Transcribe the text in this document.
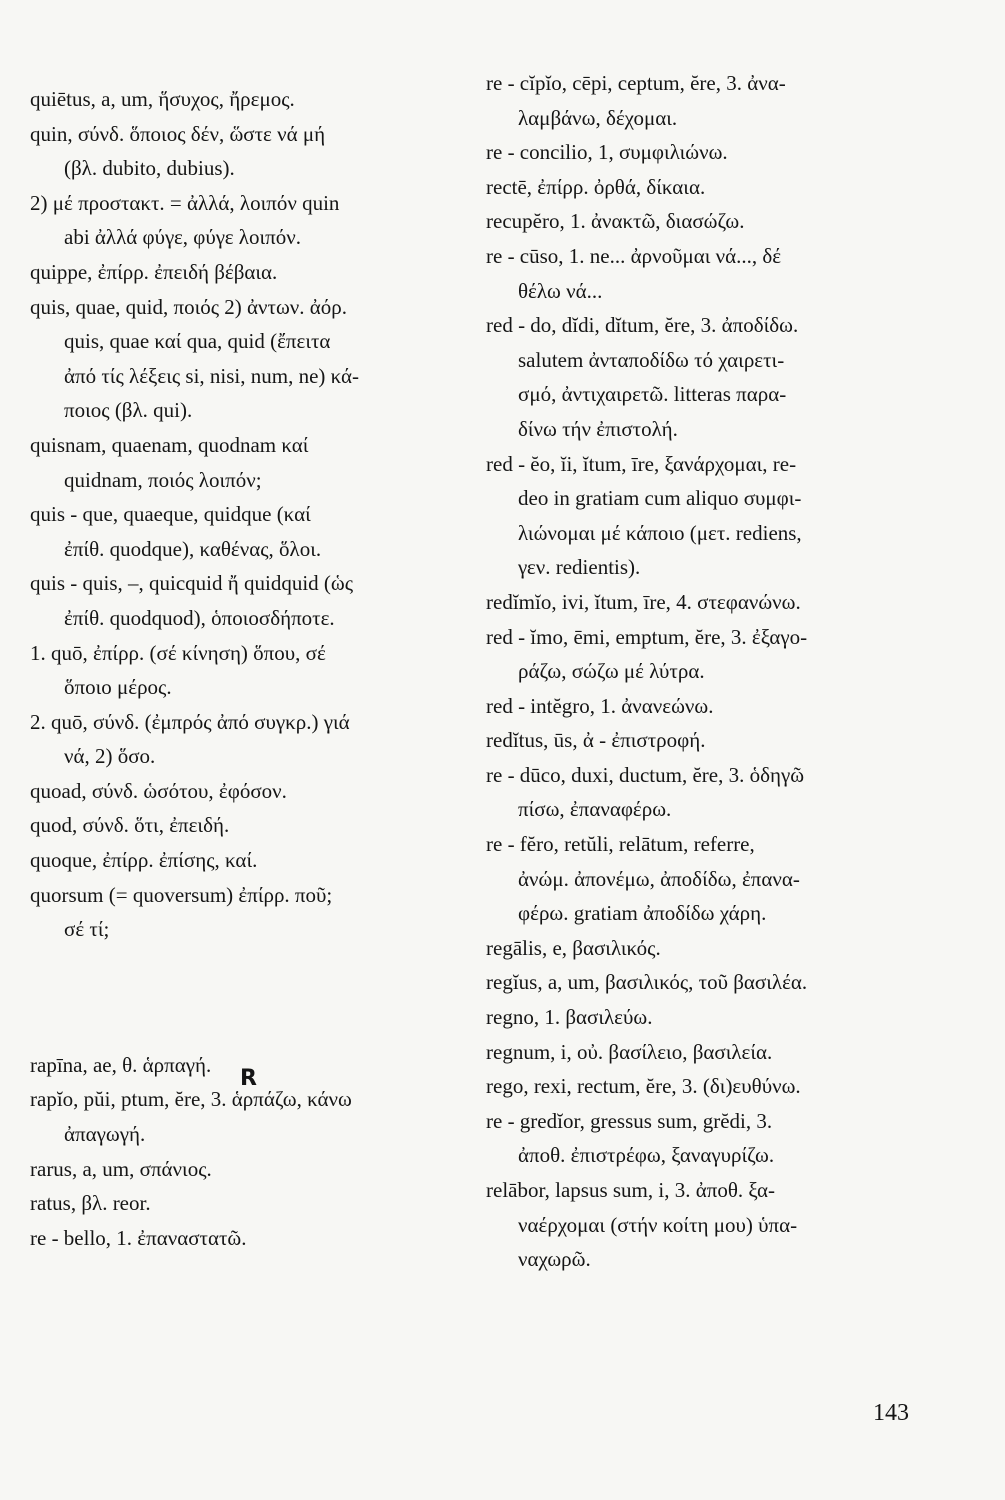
quiētus, a, um, ἥσυχος, ἤρεμος.
quin, σύνδ. ὅποιος δέν, ὥστε νά μή
(βλ. dubito, dubius).
2) μέ προστακτ. = ἀλλά, λοιπόν quin
abi ἀλλά φύγε, φύγε λοιπόν.
quippe, ἐπίρρ. ἐπειδή βέβαια.
quis, quae, quid, ποιός 2) ἀντων. ἀόρ.
quis, quae καί qua, quid (ἔπειτα
ἀπό τίς λέξεις si, nisi, num, ne) κά-
ποιος (βλ. qui).
quisnam, quaenam, quodnam καί
quidnam, ποιός λοιπόν;
quis - que, quaeque, quidque (καί
ἐπίθ. quodque), καθένας, ὅλοι.
quis - quis, –, quicquid ἤ quidquid (ὡς
ἐπίθ. quodquod), ὁποιοσδήποτε.
1. quō, ἐπίρρ. (σέ κίνηση) ὅπου, σέ
ὅποιο μέρος.
2. quō, σύνδ. (ἐμπρός ἀπό συγκρ.) γιά
νά, 2) ὅσο.
quoad, σύνδ. ὡσότου, ἐφόσον.
quod, σύνδ. ὅτι, ἐπειδή.
quoque, ἐπίρρ. ἐπίσης, καί.
quorsum (= quoversum) ἐπίρρ. ποῦ;
σέ τί;
rapīna, ae, θ. ἁρπαγή.
rapĭo, pŭi, ptum, ĕre, 3. ἁρπάζω, κάνω
ἀπαγωγή.
rarus, a, um, σπάνιος.
ratus, βλ. reor.
re - bello, 1. ἐπαναστατῶ.
R
re - cĭpĭo, cēpi, ceptum, ĕre, 3. ἀνα-
λαμβάνω, δέχομαι.
re - concilio, 1, συμφιλιώνω.
rectē, ἐπίρρ. ὀρθά, δίκαια.
recupĕro, 1. ἀνακτῶ, διασώζω.
re - cūso, 1. ne... ἀρνοῦμαι νά..., δέ
θέλω νά...
red - do, dĭdi, dĭtum, ĕre, 3. ἀποδίδω.
salutem ἀνταποδίδω τό χαιρετι-
σμό, ἀντιχαιρετῶ. litteras παρα-
δίνω τήν ἐπιστολή.
red - ĕo, ĭi, ĭtum, īre, ξανάρχομαι, re-
deo in gratiam cum aliquo συμφι-
λιώνομαι μέ κάποιο (μετ. rediens,
γεν. redientis).
redĭmĭo, ivi, ĭtum, īre, 4. στεφανώνω.
red - ĭmo, ēmi, emptum, ĕre, 3. ἐξαγο-
ράζω, σώζω μέ λύτρα.
red - intĕgro, 1. ἀνανεώνω.
redĭtus, ūs, ἀ - ἐπιστροφή.
re - dūco, duxi, ductum, ĕre, 3. ὁδηγῶ
πίσω, ἐπαναφέρω.
re - fĕro, retŭli, relātum, referre,
ἀνώμ. ἀπονέμω, ἀποδίδω, ἐπανα-
φέρω. gratiam ἀποδίδω χάρη.
regālis, e, βασιλικός.
regĭus, a, um, βασιλικός, τοῦ βασιλέα.
regno, 1. βασιλεύω.
regnum, i, οὐ. βασίλειο, βασιλεία.
rego, rexi, rectum, ĕre, 3. (δι)ευθύνω.
re - gredĭor, gressus sum, grĕdi, 3.
ἀποθ. ἐπιστρέφω, ξαναγυρίζω.
relābor, lapsus sum, i, 3. ἀποθ. ξα-
ναέρχομαι (στήν κοίτη μου) ὑπα-
ναχωρῶ.
143
